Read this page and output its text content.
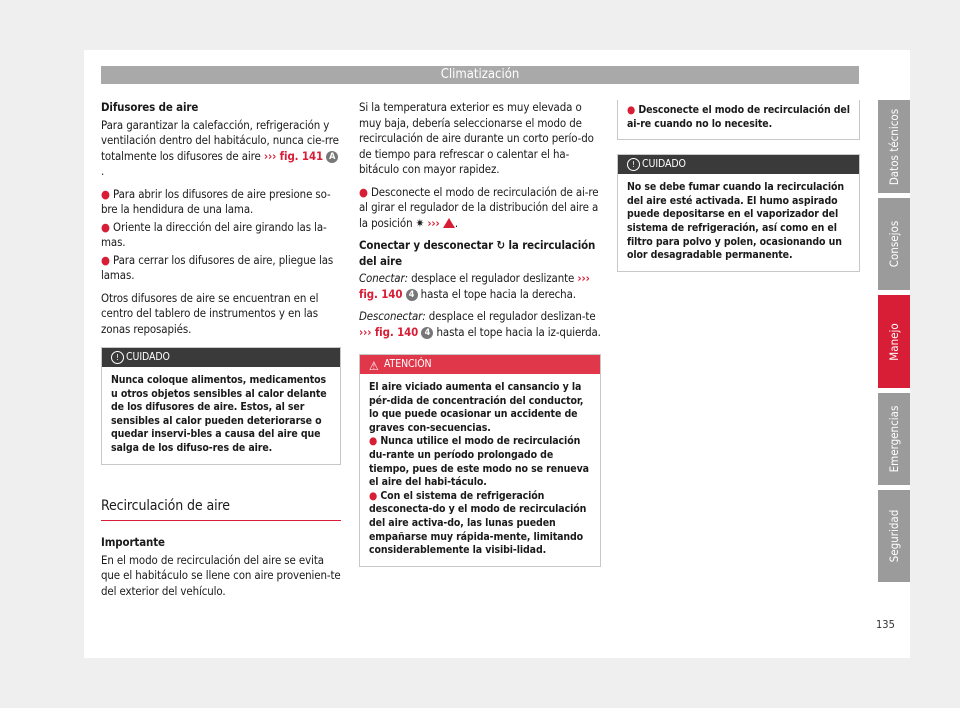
Climatización

Difusores de aire

Para garantizar la calefacción, refrigeración y ventilación dentro del habitáculo, nunca cie-rre totalmente los difusores de aire ››› fig. 141 A.

● Para abrir los difusores de aire presione so-bre la hendidura de una lama.

● Oriente la dirección del aire girando las la-mas.

● Para cerrar los difusores de aire, pliegue las lamas.

Otros difusores de aire se encuentran en el centro del tablero de instrumentos y en las zonas reposapiés.

! CUIDADO
Nunca coloque alimentos, medicamentos u otros objetos sensibles al calor delante de los difusores de aire. Estos, al ser sensibles al calor pueden deteriorarse o quedar inservi-bles a causa del aire que salga de los difuso-res de aire.
Recirculación de aire

Importante

En el modo de recirculación del aire se evita que el habitáculo se llene con aire provenien-te del exterior del vehículo.

Si la temperatura exterior es muy elevada o muy baja, debería seleccionarse el modo de recirculación de aire durante un corto perío-do de tiempo para refrescar o calentar el ha-bitáculo con mayor rapidez.

● Desconecte el modo de recirculación de ai-re al girar el regulador de la distribución del aire a la posición ✷ ››› .

Conectar y desconectar ↻ la recirculación del aire

Conectar: desplace el regulador deslizante ››› fig. 140 4 hasta el tope hacia la derecha.

Desconectar: desplace el regulador deslizan-te ››› fig. 140 4 hasta el tope hacia la iz-quierda.

⚠ ATENCIÓN
El aire viciado aumenta el cansancio y la pér-dida de concentración del conductor, lo que puede ocasionar un accidente de graves con-secuencias.
● Nunca utilice el modo de recirculación du-rante un período prolongado de tiempo, pues de este modo no se renueva el aire del habi-táculo.
● Con el sistema de refrigeración desconecta-do y el modo de recirculación del aire activa-do, las lunas pueden empañarse muy rápida-mente, limitando considerablemente la visibi-lidad.
● Desconecte el modo de recirculación del ai-re cuando no lo necesite.
! CUIDADO
No se debe fumar cuando la recirculación del aire esté activada. El humo aspirado puede depositarse en el vaporizador del sistema de refrigeración, así como en el filtro para polvo y polen, ocasionando un olor desagradable permanente.
Datos técnicos
Consejos
Manejo
Emergencias
Seguridad
135
